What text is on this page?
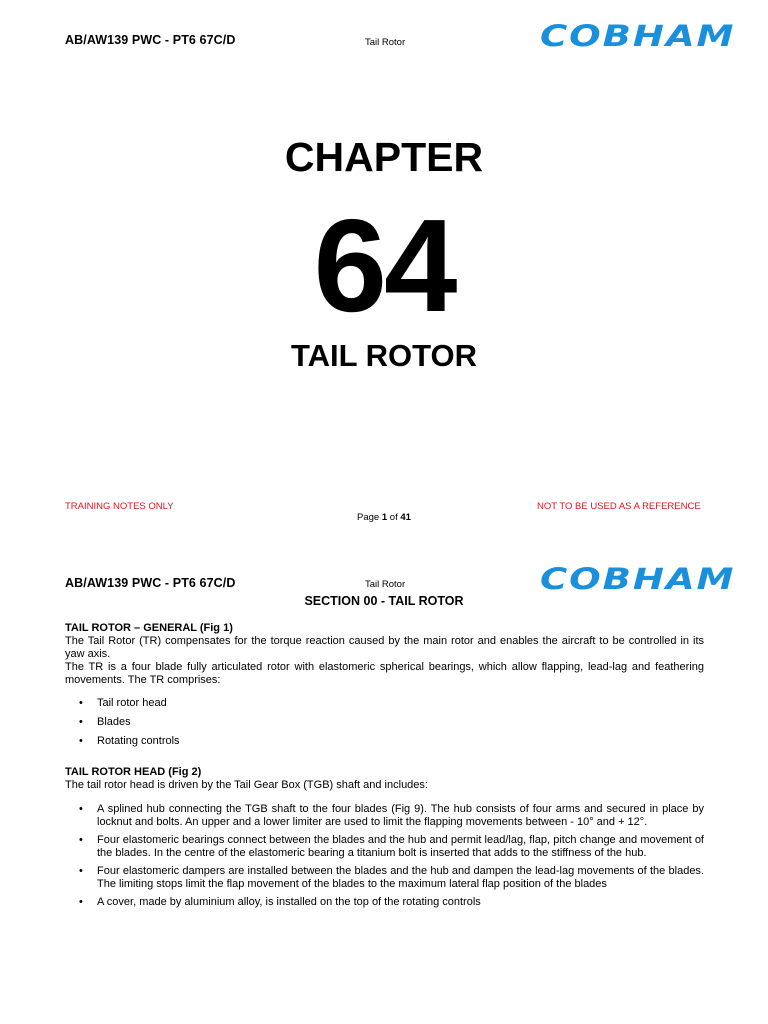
AB/AW139 PWC - PT6 67C/D	Tail Rotor	COBHAM
CHAPTER
64
TAIL ROTOR
TRAINING NOTES ONLY	NOT TO BE USED AS A REFERENCE
Page 1 of 41
AB/AW139 PWC - PT6 67C/D	Tail Rotor	COBHAM
SECTION 00 - TAIL ROTOR
TAIL ROTOR – GENERAL (Fig 1)

The Tail Rotor (TR) compensates for the torque reaction caused by the main rotor and enables the aircraft to be controlled in its yaw axis.

The TR is a four blade fully articulated rotor with elastomeric spherical bearings, which allow flapping, lead-lag and feathering movements. The TR comprises:

• Tail rotor head
• Blades
• Rotating controls
TAIL ROTOR HEAD (Fig 2)

The tail rotor head is driven by the Tail Gear Box (TGB) shaft and includes:

• A splined hub connecting the TGB shaft to the four blades (Fig 9). The hub consists of four arms and secured in place by locknut and bolts. An upper and a lower limiter are used to limit the flapping movements between - 10° and + 12°.
• Four elastomeric bearings connect between the blades and the hub and permit lead/lag, flap, pitch change and movement of the blades. In the centre of the elastomeric bearing a titanium bolt is inserted that adds to the stiffness of the hub.
• Four elastomeric dampers are installed between the blades and the hub and dampen the lead-lag movements of the blades. The limiting stops limit the flap movement of the blades to the maximum lateral flap position of the blades
• A cover, made by aluminium alloy, is installed on the top of the rotating controls
